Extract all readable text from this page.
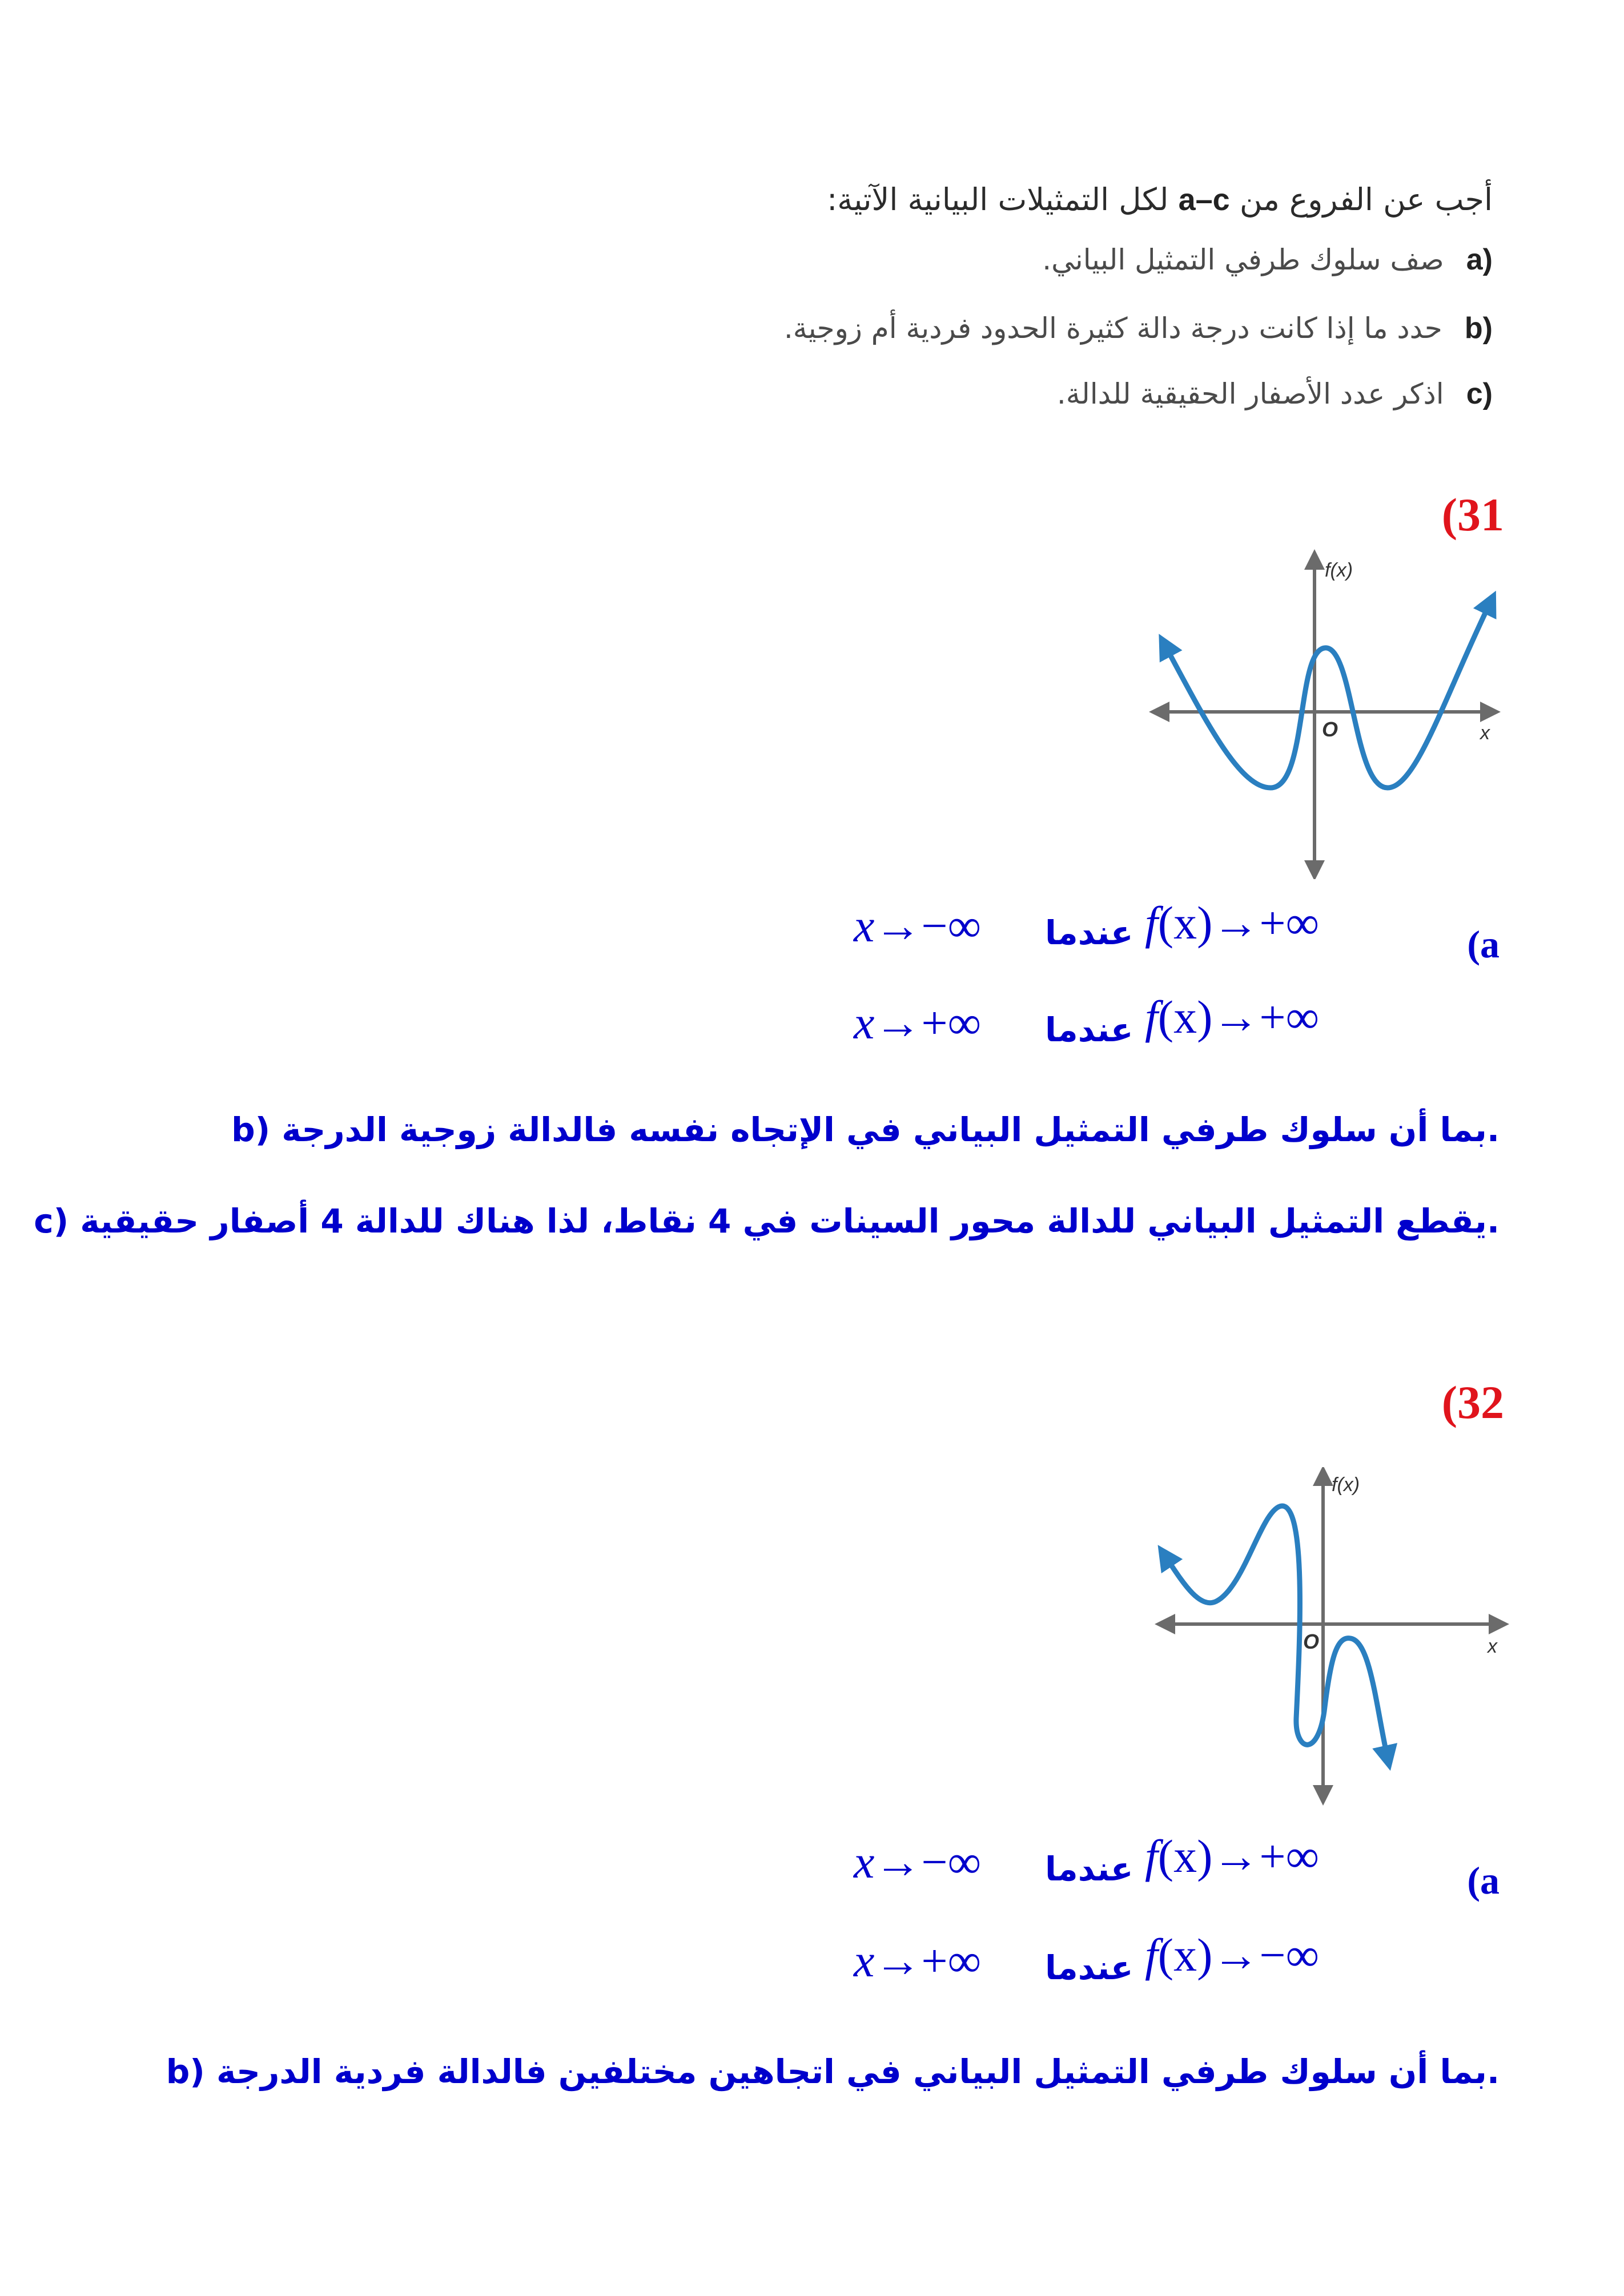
أجب عن الفروع من a–c لكل التمثيلات البيانية الآتية:
a) صف سلوك طرفي التمثيل البياني.
b) حدد ما إذا كانت درجة دالة كثيرة الحدود فردية أم زوجية.
c) اذكر عدد الأصفار الحقيقية للدالة.
(31
f(x)
x
O
(a
f(x)→+∞
عندما
x→−∞
f(x)→+∞
عندما
x→+∞
b) بما أن سلوك طرفي التمثيل البياني في الإتجاه نفسه فالدالة زوجية الدرجة.
c) يقطع التمثيل البياني للدالة محور السينات في 4 نقاط، لذا هناك للدالة 4 أصفار حقيقية.
(32
f(x)
x
O
(a
f(x)→+∞
عندما
x→−∞
f(x)→−∞
عندما
x→+∞
b) بما أن سلوك طرفي التمثيل البياني في اتجاهين مختلفين فالدالة فردية الدرجة.
